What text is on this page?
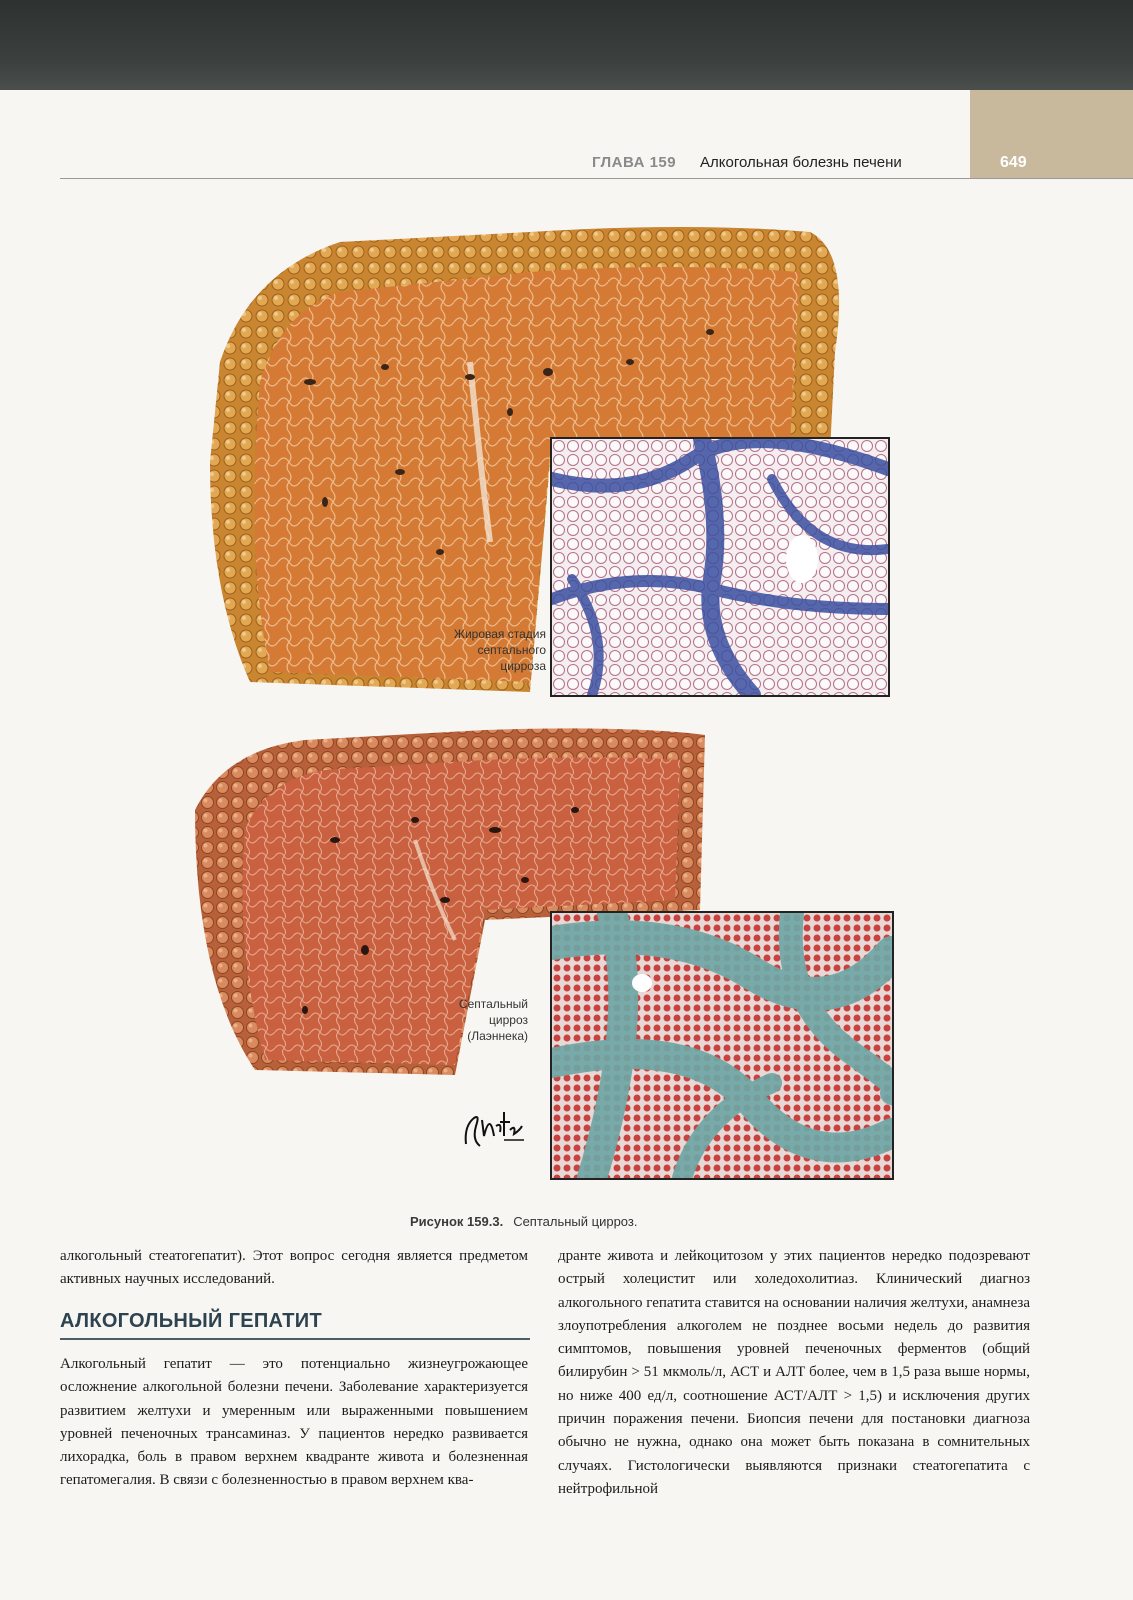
ГЛАВА 159 Алкогольная болезнь печени	649
Жировая стадия
септального
цирроза
Септальный
цирроз
(Лаэннека)
Рисунок 159.3. Септальный цирроз.

алкогольный стеатогепатит). Этот вопрос сегодня является предметом активных научных исследований.

АЛКОГОЛЬНЫЙ ГЕПАТИТ

Алкогольный гепатит — это потенциально жизнеугрожающее осложнение алкогольной болезни печени. Заболевание характеризуется развитием желтухи и умеренным или выраженными повышением уровней печеночных трансаминаз. У пациентов нередко развивается лихорадка, боль в правом верхнем квадранте живота и болезненная гепатомегалия. В связи с болезненностью в правом верхнем ква-

дранте живота и лейкоцитозом у этих пациентов нередко подозревают острый холецистит или холедохолитиаз. Клинический диагноз алкогольного гепатита ставится на основании наличия желтухи, анамнеза злоупотребления алкоголем не позднее восьми недель до развития симптомов, повышения уровней печеночных ферментов (общий билирубин > 51 мкмоль/л, АСТ и АЛТ более, чем в 1,5 раза выше нормы, но ниже 400 ед/л, соотношение АСТ/АЛТ > 1,5) и исключения других причин поражения печени. Биопсия печени для постановки диагноза обычно не нужна, однако она может быть показана в сомнительных случаях. Гистологически выявляются признаки стеатогепатита с нейтрофильной
